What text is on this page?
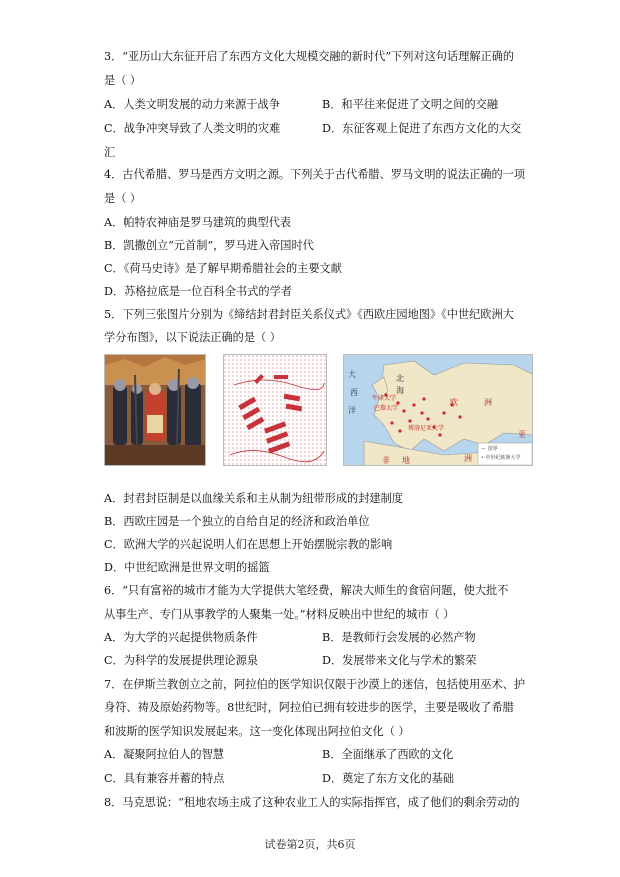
3．“亚历山大东征开启了东西方文化大规模交融的新时代”下列对这句话理解正确的
是（ ）
A．人类文明发展的动力来源于战争	B．和平往来促进了文明之间的交融
C．战争冲突导致了人类文明的灾难	D．东征客观上促进了东西方文化的大交
汇
4．古代希腊、罗马是西方文明之源。下列关于古代希腊、罗马文明的说法正确的一项
是（ ）
A．帕特农神庙是罗马建筑的典型代表
B．凯撒创立“元首制”，罗马进入帝国时代
C．《荷马史诗》是了解早期希腊社会的主要文献
D．苏格拉底是一位百科全书式的学者
5．下列三张图片分别为《缔结封君封臣关系仪式》《西欧庄园地图》《中世纪欧洲大
学分布图》，以下说法正确的是（ ）
大
西
洋
北
海
欧	洲
亚
牛津大学
巴黎大学
博洛尼亚大学
非	洲
地
— 国界
• 中世纪欧洲大学
A．封君封臣制是以血缘关系和主从制为纽带形成的封建制度
B．西欧庄园是一个独立的自给自足的经济和政治单位
C．欧洲大学的兴起说明人们在思想上开始摆脱宗教的影响
D．中世纪欧洲是世界文明的摇篮
6．“只有富裕的城市才能为大学提供大笔经费，解决大师生的食宿问题，使大批不
从事生产、专门从事教学的人聚集一处。”材料反映出中世纪的城市（ ）
A．为大学的兴起提供物质条件	B．是教师行会发展的必然产物
C．为科学的发展提供理论源泉	D．发展带来文化与学术的繁荣
7．在伊斯兰教创立之前，阿拉伯的医学知识仅限于沙漠上的迷信，包括使用巫术、护
身符、祷及原始药物等。8世纪时，阿拉伯已拥有较进步的医学，主要是吸收了希腊
和波斯的医学知识发展起来。这一变化体现出阿拉伯文化（ ）
A．凝聚阿拉伯人的智慧	B．全面继承了西欧的文化
C．具有兼容并蓄的特点	D．奠定了东方文化的基础
8．马克思说：“租地农场主成了这种农业工人的实际指挥官，成了他们的剩余劳动的
试卷第2页，共6页
